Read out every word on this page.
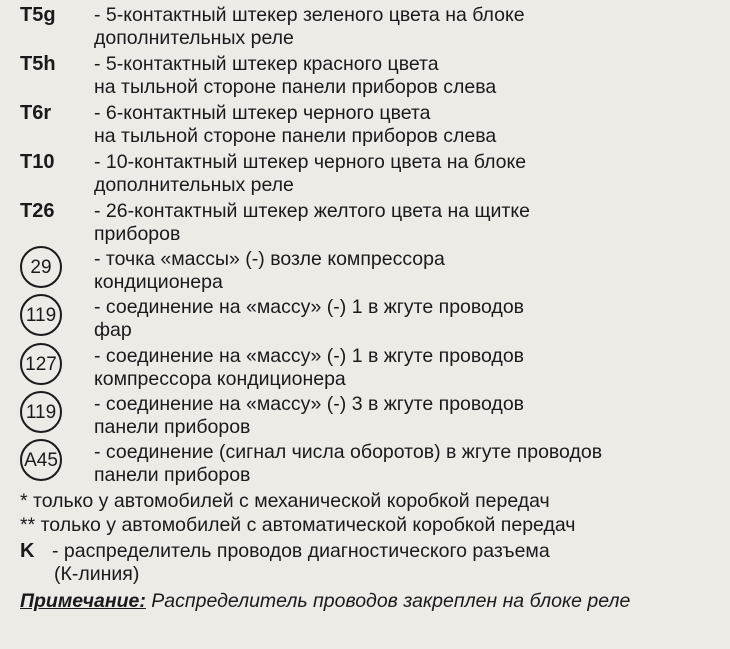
T5g - 5-контактный штекер зеленого цвета на блоке
дополнительных реле
T5h - 5-контактный штекер красного цвета
на тыльной стороне панели приборов слева
T6r - 6-контактный штекер черного цвета
на тыльной стороне панели приборов слева
T10 - 10-контактный штекер черного цвета на блоке
дополнительных реле
T26 - 26-контактный штекер желтого цвета на щитке
приборов
29	- точка «массы» (-) возле компрессора
кондиционера
119	- соединение на «массу» (-) 1 в жгуте проводов
фар
127 - соединение на «массу» (-) 1 в жгуте проводов
компрессора кондиционера
119	- соединение на «массу» (-) 3 в жгуте проводов
панели приборов
A45 - соединение (сигнал числа оборотов) в жгуте проводов
панели приборов
* только у автомобилей с механической коробкой передач
** только у автомобилей с автоматической коробкой передач
K - распределитель проводов диагностического разъема
(К-линия)
Примечание: Распределитель проводов закреплен на блоке реле
